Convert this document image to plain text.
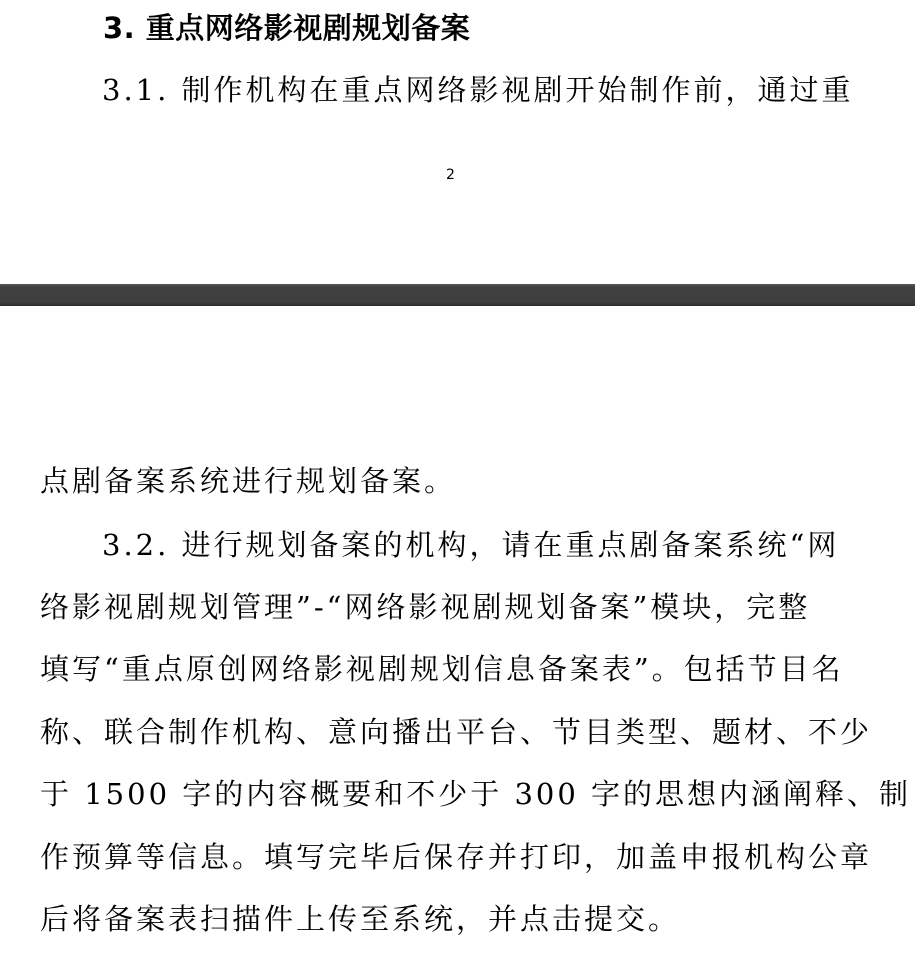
3. 重点网络影视剧规划备案

3.1. 制作机构在重点网络影视剧开始制作前，通过重

2

点剧备案系统进行规划备案。

3.2. 进行规划备案的机构，请在重点剧备案系统“网

络影视剧规划管理”-“网络影视剧规划备案”模块，完整

填写“重点原创网络影视剧规划信息备案表”。包括节目名

称、联合制作机构、意向播出平台、节目类型、题材、不少

于 1500 字的内容概要和不少于 300 字的思想内涵阐释、制

作预算等信息。填写完毕后保存并打印，加盖申报机构公章

后将备案表扫描件上传至系统，并点击提交。
